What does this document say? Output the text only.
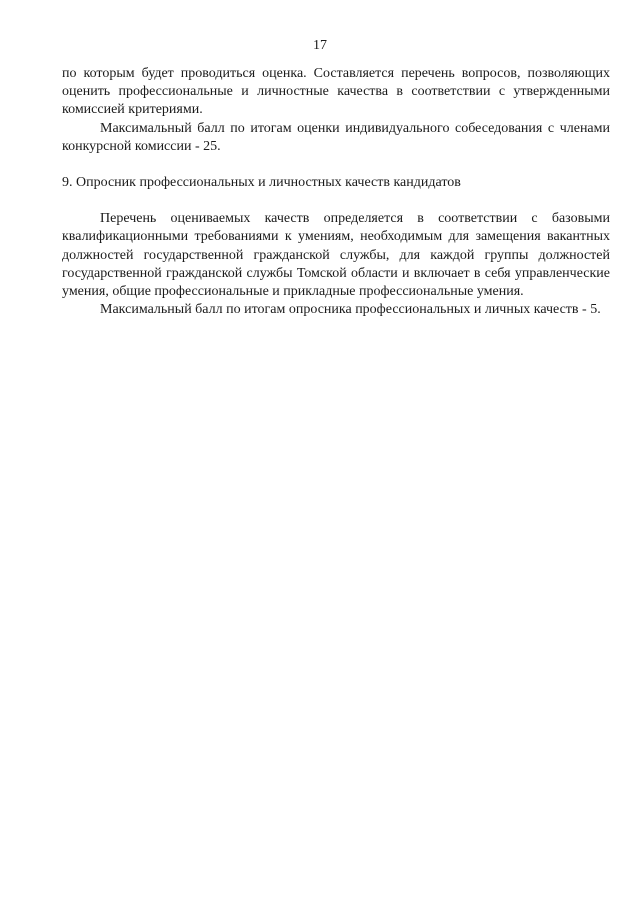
17

по которым будет проводиться оценка. Составляется перечень вопросов, позволяющих оценить профессиональные и личностные качества в соответствии с утвержденными комиссией критериями.

Максимальный балл по итогам оценки индивидуального собеседования с членами конкурсной комиссии - 25.

9. Опросник профессиональных и личностных качеств кандидатов

Перечень оцениваемых качеств определяется в соответствии с базовыми квалификационными требованиями к умениям, необходимым для замещения вакантных должностей государственной гражданской службы, для каждой группы должностей государственной гражданской службы Томской области и включает в себя управленческие умения, общие профессиональные и прикладные профессиональные умения.

Максимальный балл по итогам опросника профессиональных и личных качеств - 5.
